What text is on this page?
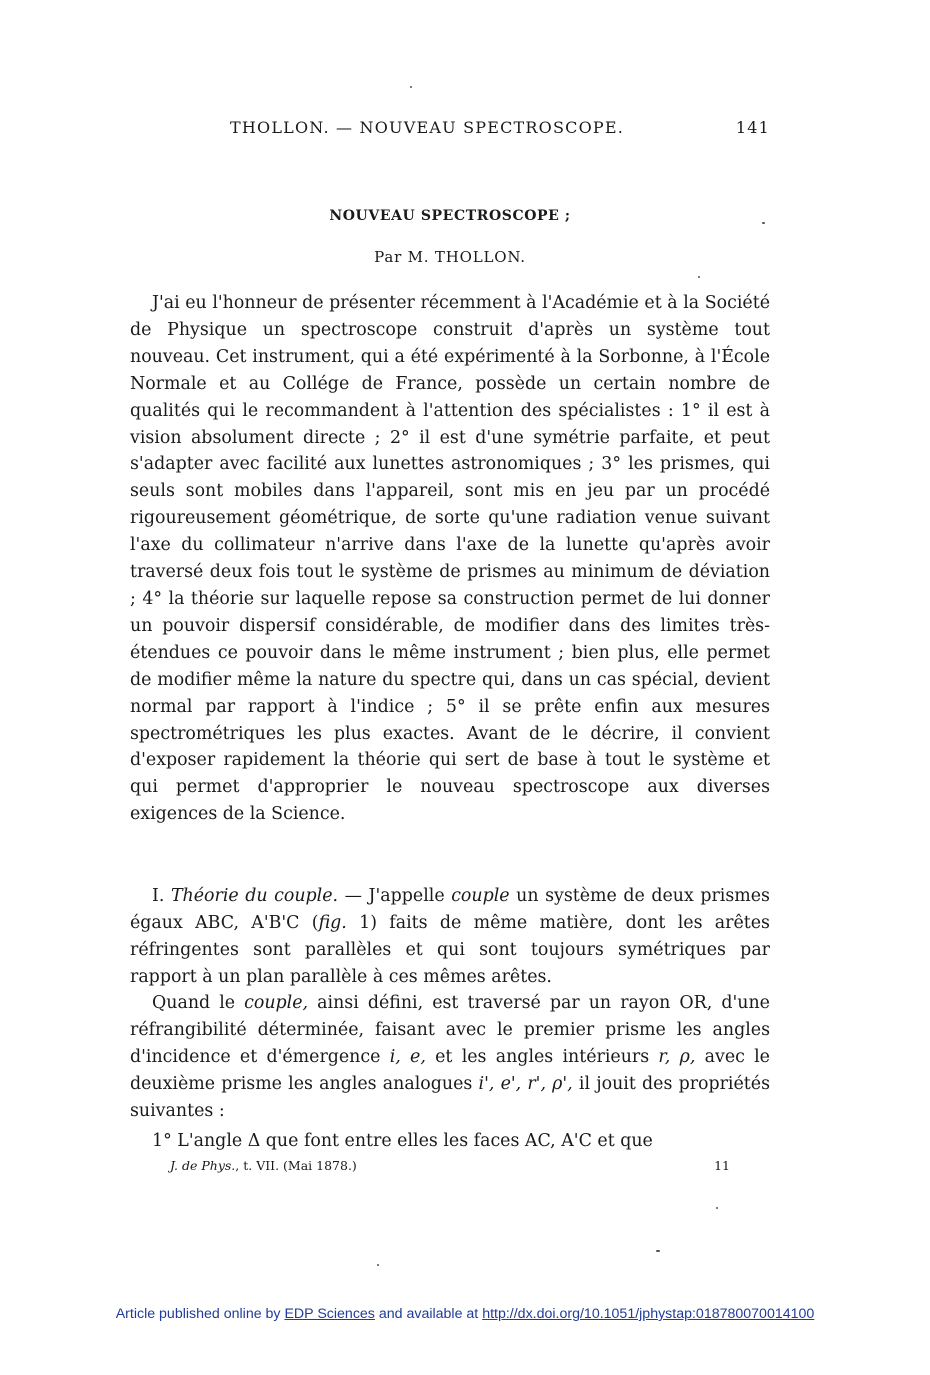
THOLLON. — NOUVEAU SPECTROSCOPE.	141
NOUVEAU SPECTROSCOPE ;
Par M. THOLLON.

J'ai eu l'honneur de présenter récemment à l'Académie et à la Société de Physique un spectroscope construit d'après un système tout nouveau. Cet instrument, qui a été expérimenté à la Sorbonne, à l'École Normale et au Collége de France, possède un certain nombre de qualités qui le recommandent à l'attention des spécialistes : 1° il est à vision absolument directe ; 2° il est d'une symétrie parfaite, et peut s'adapter avec facilité aux lunettes astronomiques ; 3° les prismes, qui seuls sont mobiles dans l'appareil, sont mis en jeu par un procédé rigoureusement géométrique, de sorte qu'une radiation venue suivant l'axe du collimateur n'arrive dans l'axe de la lunette qu'après avoir traversé deux fois tout le système de prismes au minimum de déviation ; 4° la théorie sur laquelle repose sa construction permet de lui donner un pouvoir dispersif considérable, de modifier dans des limites très-étendues ce pouvoir dans le même instrument ; bien plus, elle permet de modifier même la nature du spectre qui, dans un cas spécial, devient normal par rapport à l'indice ; 5° il se prête enfin aux mesures spectrométriques les plus exactes. Avant de le décrire, il convient d'exposer rapidement la théorie qui sert de base à tout le système et qui permet d'approprier le nouveau spectroscope aux diverses exigences de la Science.

I. Théorie du couple. — J'appelle couple un système de deux prismes égaux ABC, A'B'C (fig. 1) faits de même matière, dont les arêtes réfringentes sont parallèles et qui sont toujours symétriques par rapport à un plan parallèle à ces mêmes arêtes.

Quand le couple, ainsi défini, est traversé par un rayon OR, d'une réfrangibilité déterminée, faisant avec le premier prisme les angles d'incidence et d'émergence i, e, et les angles intérieurs r, ρ, avec le deuxième prisme les angles analogues i', e', r', ρ', il jouit des propriétés suivantes :

1° L'angle Δ que font entre elles les faces AC, A'C et que

J. de Phys., t. VII. (Mai 1878.)	11
Article published online by EDP Sciences and available at http://dx.doi.org/10.1051/jphystap:018780070014100
